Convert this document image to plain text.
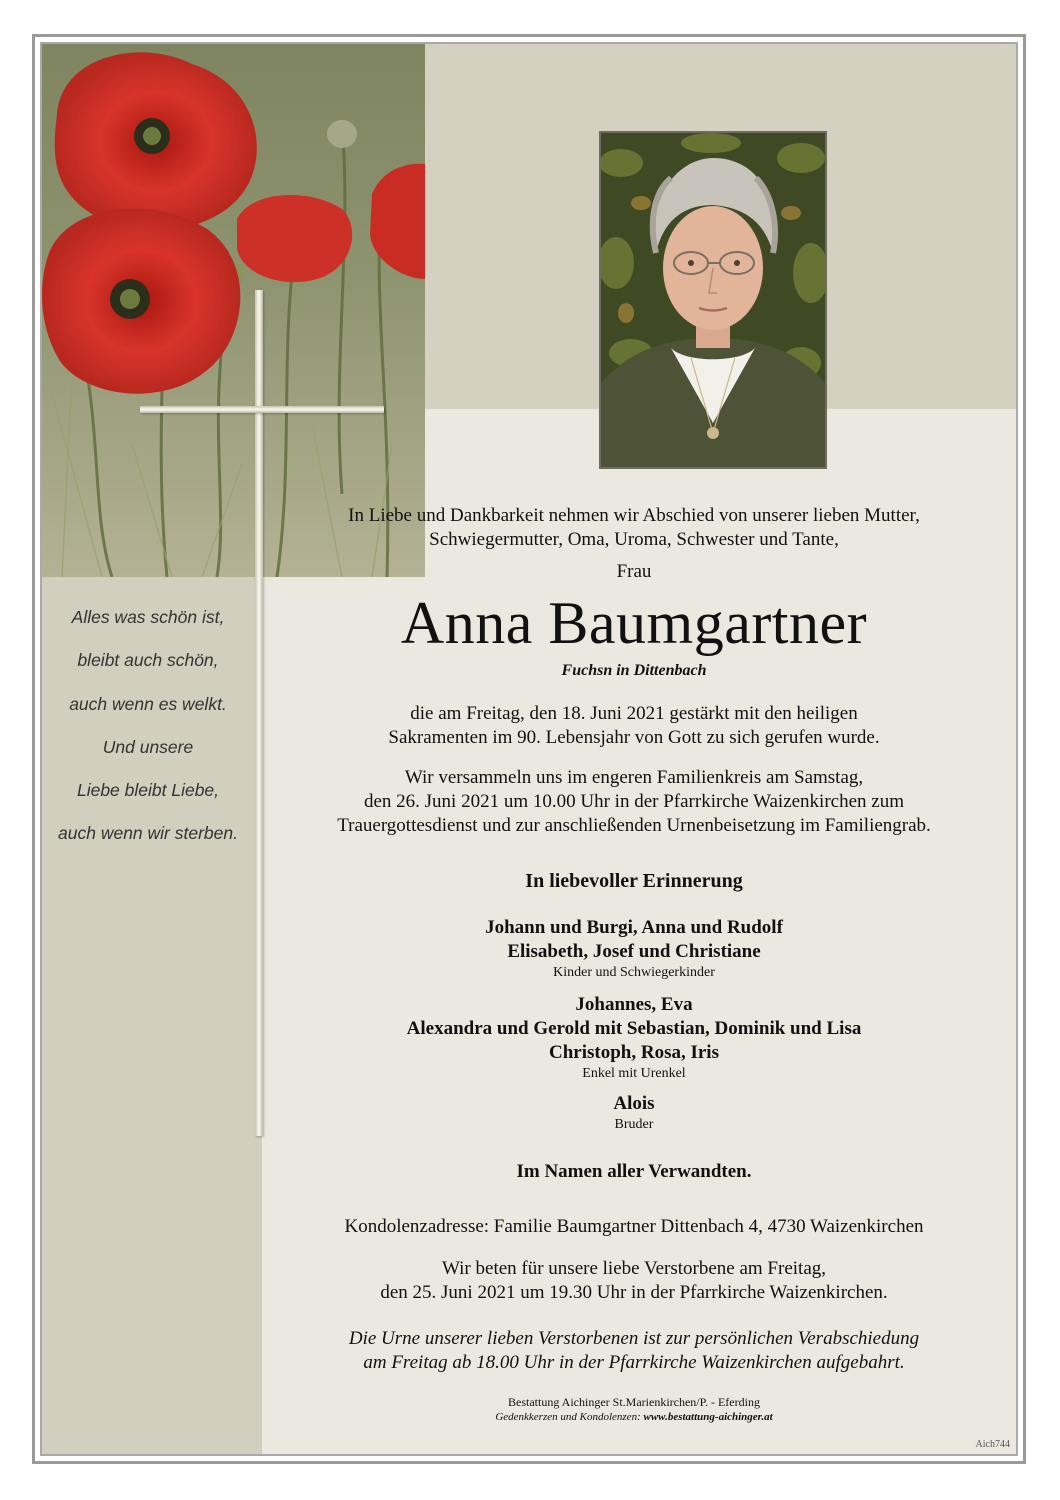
Alles was schön ist,
bleibt auch schön,
auch wenn es welkt.
Und unsere
Liebe bleibt Liebe,
auch wenn wir sterben.

In Liebe und Dankbarkeit nehmen wir Abschied von unserer lieben Mutter,

Schwiegermutter, Oma, Uroma, Schwester und Tante,

Frau

Anna Baumgartner

Fuchsn in Dittenbach

die am Freitag, den 18. Juni 2021 gestärkt mit den heiligen

Sakramenten im 90. Lebensjahr von Gott zu sich gerufen wurde.

Wir versammeln uns im engeren Familienkreis am Samstag,

den 26. Juni 2021 um 10.00 Uhr in der Pfarrkirche Waizenkirchen zum

Trauergottesdienst und zur anschließenden Urnenbeisetzung im Familiengrab.

In liebevoller Erinnerung

Johann und Burgi, Anna und Rudolf

Elisabeth, Josef und Christiane

Kinder und Schwiegerkinder

Johannes, Eva

Alexandra und Gerold mit Sebastian, Dominik und Lisa

Christoph, Rosa, Iris

Enkel mit Urenkel

Alois

Bruder

Im Namen aller Verwandten.

Kondolenzadresse: Familie Baumgartner Dittenbach 4, 4730 Waizenkirchen

Wir beten für unsere liebe Verstorbene am Freitag,

den 25. Juni 2021 um 19.30 Uhr in der Pfarrkirche Waizenkirchen.

Die Urne unserer lieben Verstorbenen ist zur persönlichen Verabschiedung

am Freitag ab 18.00 Uhr in der Pfarrkirche Waizenkirchen aufgebahrt.

Bestattung Aichinger St.Marienkirchen/P. - Eferding

Gedenkkerzen und Kondolenzen: www.bestattung-aichinger.at

Aich744
